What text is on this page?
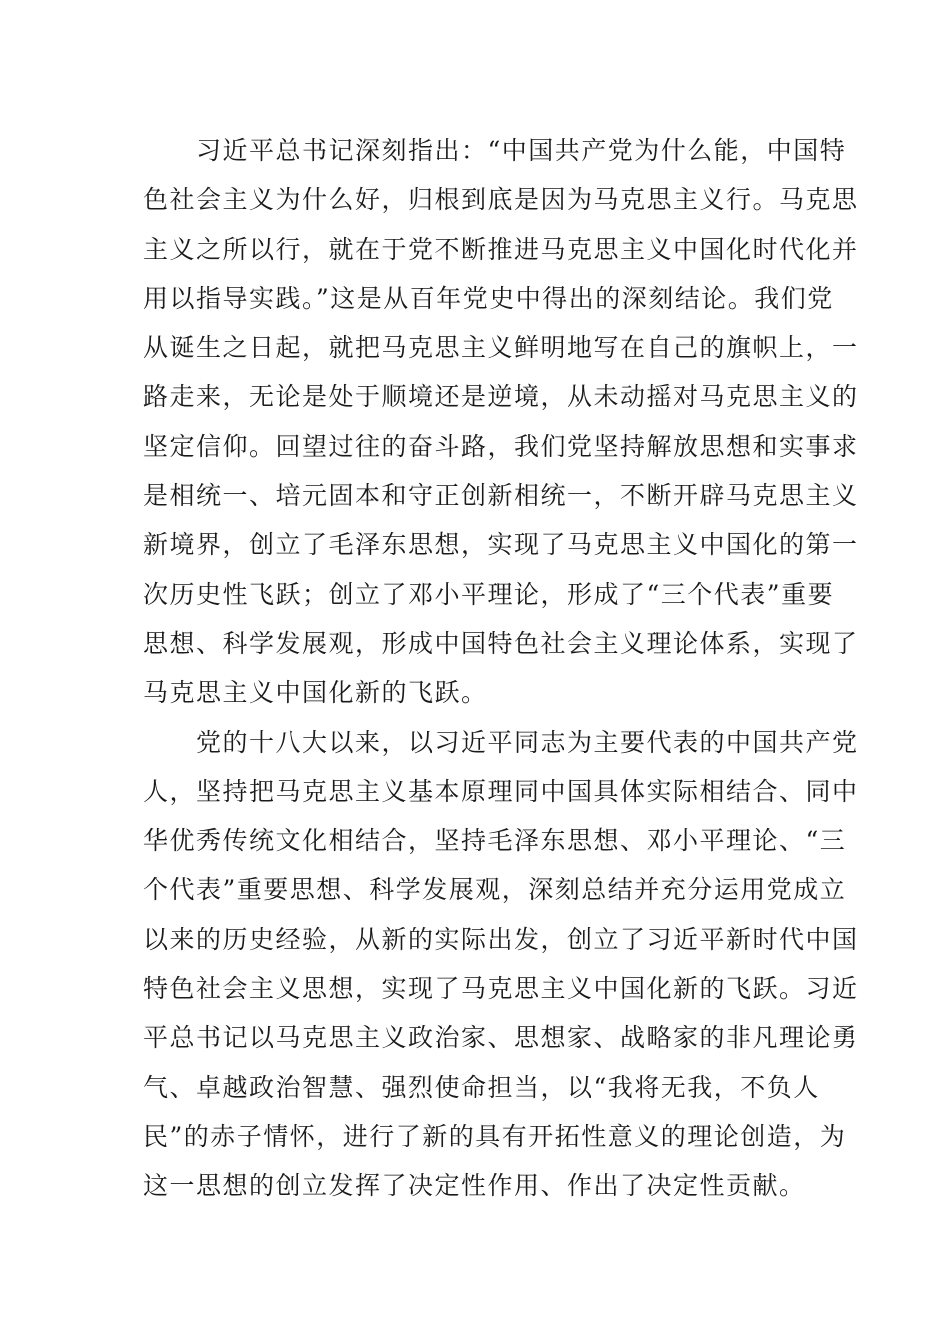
　　习近平总书记深刻指出：“中国共产党为什么能，中国特
色社会主义为什么好，归根到底是因为马克思主义行。马克思
主义之所以行，就在于党不断推进马克思主义中国化时代化并
用以指导实践。”这是从百年党史中得出的深刻结论。我们党
从诞生之日起，就把马克思主义鲜明地写在自己的旗帜上，一
路走来，无论是处于顺境还是逆境，从未动摇对马克思主义的
坚定信仰。回望过往的奋斗路，我们党坚持解放思想和实事求
是相统一、培元固本和守正创新相统一，不断开辟马克思主义
新境界，创立了毛泽东思想，实现了马克思主义中国化的第一
次历史性飞跃；创立了邓小平理论，形成了“三个代表”重要
思想、科学发展观，形成中国特色社会主义理论体系，实现了
马克思主义中国化新的飞跃。
　　党的十八大以来，以习近平同志为主要代表的中国共产党
人，坚持把马克思主义基本原理同中国具体实际相结合、同中
华优秀传统文化相结合，坚持毛泽东思想、邓小平理论、“三
个代表”重要思想、科学发展观，深刻总结并充分运用党成立
以来的历史经验，从新的实际出发，创立了习近平新时代中国
特色社会主义思想，实现了马克思主义中国化新的飞跃。习近
平总书记以马克思主义政治家、思想家、战略家的非凡理论勇
气、卓越政治智慧、强烈使命担当，以“我将无我，不负人
民”的赤子情怀，进行了新的具有开拓性意义的理论创造，为
这一思想的创立发挥了决定性作用、作出了决定性贡献。
